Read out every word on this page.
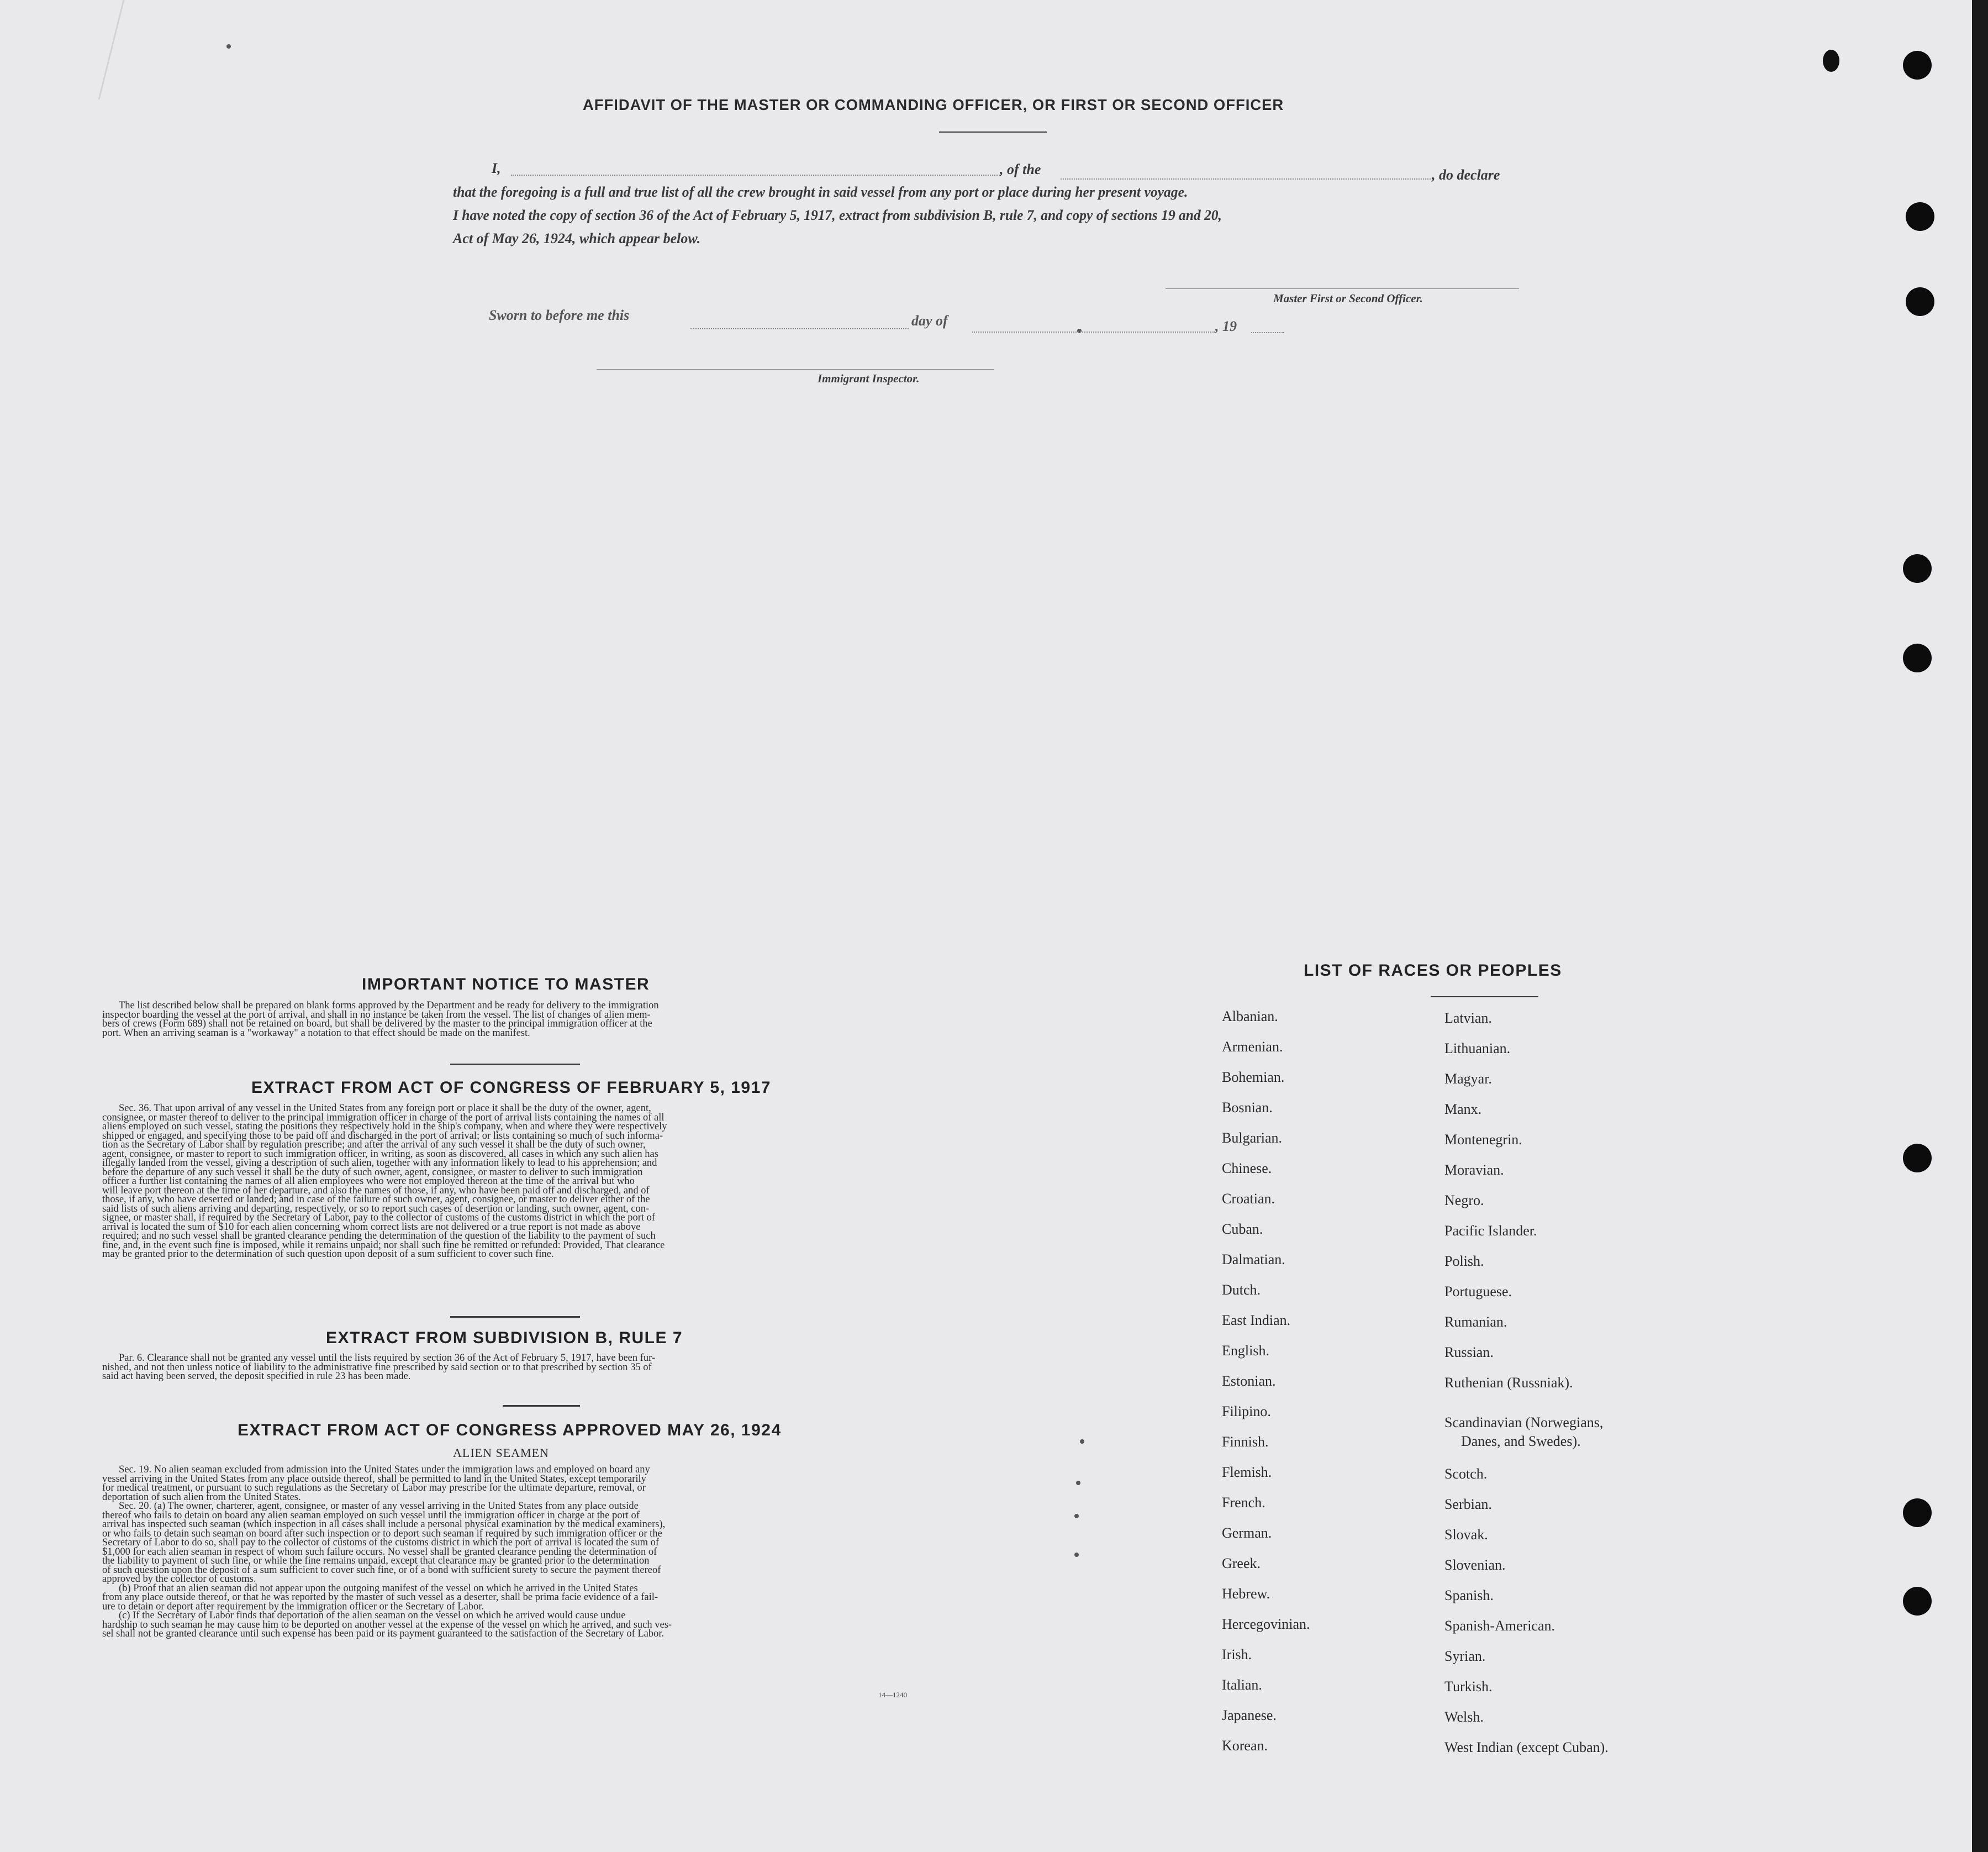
AFFIDAVIT OF THE MASTER OR COMMANDING OFFICER, OR FIRST OR SECOND OFFICER
I,	, of the	, do declare
that the foregoing is a full and true list of all the crew brought in said vessel from any port or place during her present voyage.
I have noted the copy of section 36 of the Act of February 5, 1917, extract from subdivision B, rule 7, and copy of sections 19 and 20,
Act of May 26, 1924, which appear below.
Master First or Second Officer.
Sworn to before me this	day of	, 19
Immigrant Inspector.
IMPORTANT NOTICE TO MASTER

The list described below shall be prepared on blank forms approved by the Department and be ready for delivery to the immigration

inspector boarding the vessel at the port of arrival, and shall in no instance be taken from the vessel. The list of changes of alien mem-

bers of crews (Form 689) shall not be retained on board, but shall be delivered by the master to the principal immigration officer at the

port. When an arriving seaman is a "workaway" a notation to that effect should be made on the manifest.

EXTRACT FROM ACT OF CONGRESS OF FEBRUARY 5, 1917

Sec. 36. That upon arrival of any vessel in the United States from any foreign port or place it shall be the duty of the owner, agent,

consignee, or master thereof to deliver to the principal immigration officer in charge of the port of arrival lists containing the names of all

aliens employed on such vessel, stating the positions they respectively hold in the ship's company, when and where they were respectively

shipped or engaged, and specifying those to be paid off and discharged in the port of arrival; or lists containing so much of such informa-

tion as the Secretary of Labor shall by regulation prescribe; and after the arrival of any such vessel it shall be the duty of such owner,

agent, consignee, or master to report to such immigration officer, in writing, as soon as discovered, all cases in which any such alien has

illegally landed from the vessel, giving a description of such alien, together with any information likely to lead to his apprehension; and

before the departure of any such vessel it shall be the duty of such owner, agent, consignee, or master to deliver to such immigration

officer a further list containing the names of all alien employees who were not employed thereon at the time of the arrival but who

will leave port thereon at the time of her departure, and also the names of those, if any, who have been paid off and discharged, and of

those, if any, who have deserted or landed; and in case of the failure of such owner, agent, consignee, or master to deliver either of the

said lists of such aliens arriving and departing, respectively, or so to report such cases of desertion or landing, such owner, agent, con-

signee, or master shall, if required by the Secretary of Labor, pay to the collector of customs of the customs district in which the port of

arrival is located the sum of $10 for each alien concerning whom correct lists are not delivered or a true report is not made as above

required; and no such vessel shall be granted clearance pending the determination of the question of the liability to the payment of such

fine, and, in the event such fine is imposed, while it remains unpaid; nor shall such fine be remitted or refunded: Provided, That clearance

may be granted prior to the determination of such question upon deposit of a sum sufficient to cover such fine.

EXTRACT FROM SUBDIVISION B, RULE 7

Par. 6. Clearance shall not be granted any vessel until the lists required by section 36 of the Act of February 5, 1917, have been fur-

nished, and not then unless notice of liability to the administrative fine prescribed by said section or to that prescribed by section 35 of

said act having been served, the deposit specified in rule 23 has been made.

EXTRACT FROM ACT OF CONGRESS APPROVED MAY 26, 1924
ALIEN SEAMEN

Sec. 19. No alien seaman excluded from admission into the United States under the immigration laws and employed on board any

vessel arriving in the United States from any place outside thereof, shall be permitted to land in the United States, except temporarily

for medical treatment, or pursuant to such regulations as the Secretary of Labor may prescribe for the ultimate departure, removal, or

deportation of such alien from the United States.

Sec. 20. (a) The owner, charterer, agent, consignee, or master of any vessel arriving in the United States from any place outside

thereof who fails to detain on board any alien seaman employed on such vessel until the immigration officer in charge at the port of

arrival has inspected such seaman (which inspection in all cases shall include a personal physical examination by the medical examiners),

or who fails to detain such seaman on board after such inspection or to deport such seaman if required by such immigration officer or the

Secretary of Labor to do so, shall pay to the collector of customs of the customs district in which the port of arrival is located the sum of

$1,000 for each alien seaman in respect of whom such failure occurs. No vessel shall be granted clearance pending the determination of

the liability to payment of such fine, or while the fine remains unpaid, except that clearance may be granted prior to the determination

of such question upon the deposit of a sum sufficient to cover such fine, or of a bond with sufficient surety to secure the payment thereof

approved by the collector of customs.

(b) Proof that an alien seaman did not appear upon the outgoing manifest of the vessel on which he arrived in the United States

from any place outside thereof, or that he was reported by the master of such vessel as a deserter, shall be prima facie evidence of a fail-

ure to detain or deport after requirement by the immigration officer or the Secretary of Labor.

(c) If the Secretary of Labor finds that deportation of the alien seaman on the vessel on which he arrived would cause undue

hardship to such seaman he may cause him to be deported on another vessel at the expense of the vessel on which he arrived, and such ves-

sel shall not be granted clearance until such expense has been paid or its payment guaranteed to the satisfaction of the Secretary of Labor.

14—1240
LIST OF RACES OR PEOPLES
Albanian.
Armenian.
Bohemian.
Bosnian.
Bulgarian.
Chinese.
Croatian.
Cuban.
Dalmatian.
Dutch.
East Indian.
English.
Estonian.
Filipino.
Finnish.
Flemish.
French.
German.
Greek.
Hebrew.
Hercegovinian.
Irish.
Italian.
Japanese.
Korean.
Latvian.
Lithuanian.
Magyar.
Manx.
Montenegrin.
Moravian.
Negro.
Pacific Islander.
Polish.
Portuguese.
Rumanian.
Russian.
Ruthenian (Russniak).
Scandinavian (Norwegians,
Danes, and Swedes).
Scotch.
Serbian.
Slovak.
Slovenian.
Spanish.
Spanish-American.
Syrian.
Turkish.
Welsh.
West Indian (except Cuban).
